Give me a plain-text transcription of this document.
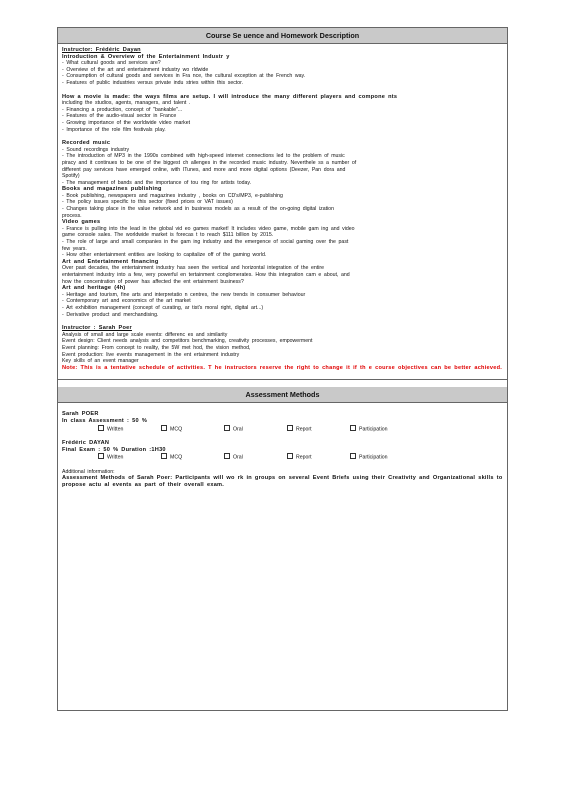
Course Se uence and Homework Description

Instructor: Frédéric Dayan

Introduction & Overview of the Entertainment Industr y

- What cultural goods and services are?

- Overview of the art and entertainment industry wo rldwide

- Consumption of cultural goods and services in Fra nce, the cultural exception at the French way.

- Features of public industries versus private indu stries within this sector.

How a movie is made: the ways films are setup. I will introduce the many different players and compone nts

including the studios, agents, managers, and talent .

- Financing a production, concept of "bankable"...

- Features of the audio-visual sector in France

- Growing importance of the worldwide video market

- Importance of the role film festivals play.

Recorded music

- Sound recordings industry

- The introduction of MP3 in the 1990s combined with high-speed internet connections led to the problem of music

piracy and it continues to be one of the biggest ch allenges in the recorded music industry. Neverthele ss a number of

different pay services have emerged online, with ITunes, and more and more digital options (Deezer, Pan dora and

Spotify)

- The management of bands and the importance of tou ring for artists today.

Books and magazines publishing

- Book publishing, newspapers and magazines industry , books on CD's/MP3, e-publishing

- The policy issues specific to this sector (fixed prices or VAT issues)

- Changes taking place in the value network and in business models as a result of the on-going digital ization

process.

Video games

- France is pulling into the lead in the global vid eo games market! It includes video game, mobile gam ing and video

game console sales. The worldwide market is forecas t to reach $111 billion by 2015.

- The role of large and small companies in the gam ing industry and the emergence of social gaming over the past

few years.

- How other entertainment entities are looking to capitalize off of the gaming world.

Art and Entertainment financing

Over past decades, the entertainment industry has seen the vertical and horizontal integration of the entire

entertainment industry into a few, very powerful en tertainment conglomerates. How this integration cam e about, and

how the concentration of power has affected the ent ertainment business?

Art and heritage (4h)

- Heritage and tourism, fine arts and interpretatio n centres, the new trends in consumer behaviour

- Contemporary art and economics of the art market

- Art exhibition management (concept of curating, ar tist's moral right, digital art...)

- Derivative product and merchandising.

Instructor : Sarah Poer

Analysis of small and large scale events: differenc es and similarity

Event design: Client needs analysis and competitors benchmarking, creativity processes, empowerment

Event planning: From concept to reality, the 5W met hod, the vision method,

Event production: live events management in the ent ertainment industry

Key skills of an event manager

Note: This is a tentative schedule of activities. T he instructors reserve the right to change it if th e course objectives can be better achieved.

Assessment Methods

Sarah POER

In class Assessment : 50 %

Written	MCQ	Oral	Report	Participation

Frédéric DAYAN

Final Exam : 50 % Duration :1H30

Written	MCQ	Oral	Report	Participation

Additional information:

Assessment Methods of Sarah Poer: Participants will wo rk in groups on several Event Briefs using their Creativity and Organizational skills to propose actu al events as part of their overall exam.
